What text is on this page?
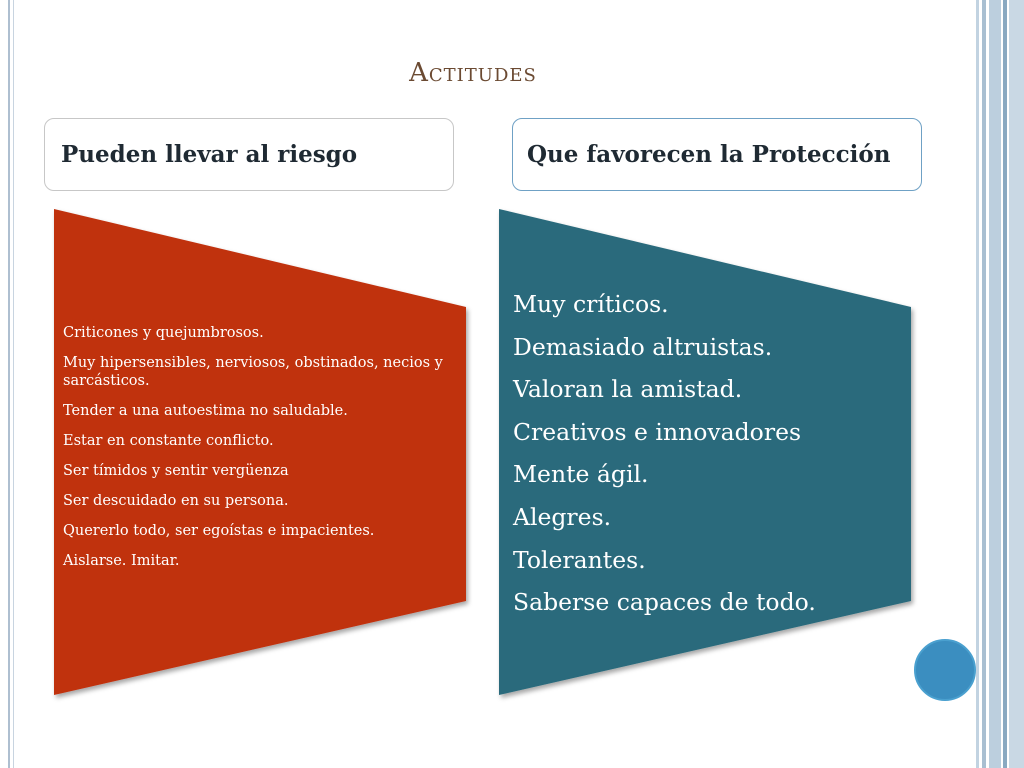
Actitudes
Pueden llevar al riesgo	Que favorecen la Protección
Criticones y quejumbrosos.
Muy hipersensibles, nerviosos, obstinados, necios y sarcásticos.
Tender a una autoestima no saludable.
Estar en constante conflicto.
Ser tímidos y sentir vergüenza
Ser descuidado en su persona.
Quererlo todo, ser egoístas e impacientes.
Aislarse. Imitar.
Muy críticos.
Demasiado altruistas.
Valoran la amistad.
Creativos e innovadores
Mente ágil.
Alegres.
Tolerantes.
Saberse capaces de todo.
